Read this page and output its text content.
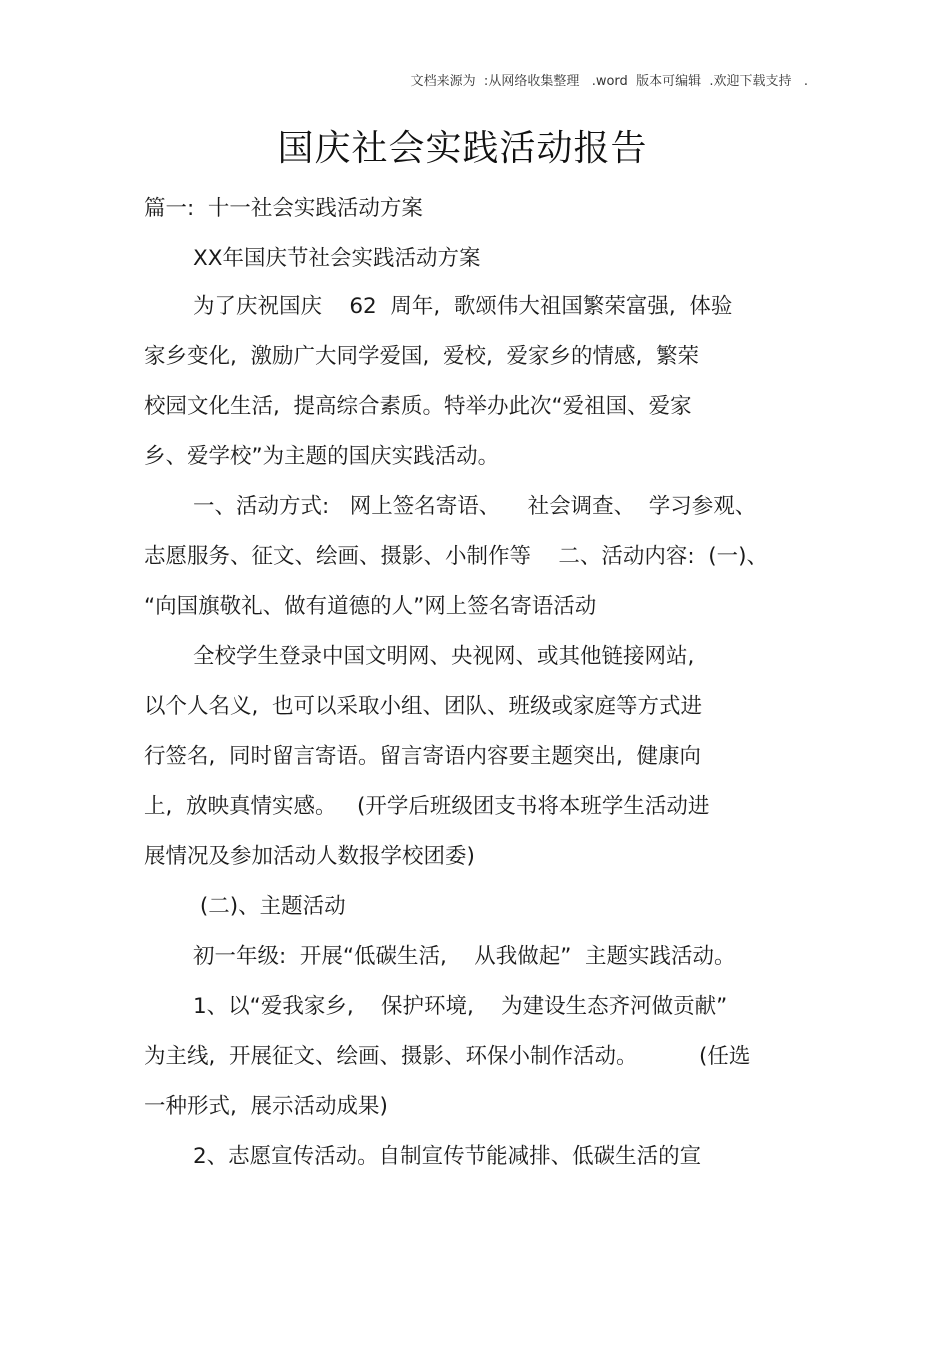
文档来源为  :从网络收集整理   .word  版本可编辑  .欢迎下载支持   .
国庆社会实践活动报告
篇一:  十一社会实践活动方案
XX年国庆节社会实践活动方案
为了庆祝国庆    62  周年,  歌颂伟大祖国繁荣富强,  体验
家乡变化,  激励广大同学爱国,  爱校,  爱家乡的情感,  繁荣
校园文化生活,  提高综合素质。特举办此次“爱祖国、爱家
乡、爱学校”为主题的国庆实践活动。
一、活动方式:   网上签名寄语、    社会调查、  学习参观、
志愿服务、征文、绘画、摄影、小制作等    二、活动内容:  (一)、
“向国旗敬礼、做有道德的人”网上签名寄语活动
全校学生登录中国文明网、央视网、或其他链接网站,
以个人名义,  也可以采取小组、团队、班级或家庭等方式进
行签名,  同时留言寄语。留言寄语内容要主题突出,  健康向
上,  放映真情实感。   (开学后班级团支书将本班学生活动进
展情况及参加活动人数报学校团委)
(二)、主题活动
初一年级:  开展“低碳生活,    从我做起”  主题实践活动。
1、以“爱我家乡,    保护环境,    为建设生态齐河做贡献”
为主线,  开展征文、绘画、摄影、环保小制作活动。         (任选
一种形式,  展示活动成果)
2、志愿宣传活动。自制宣传节能减排、低碳生活的宣
